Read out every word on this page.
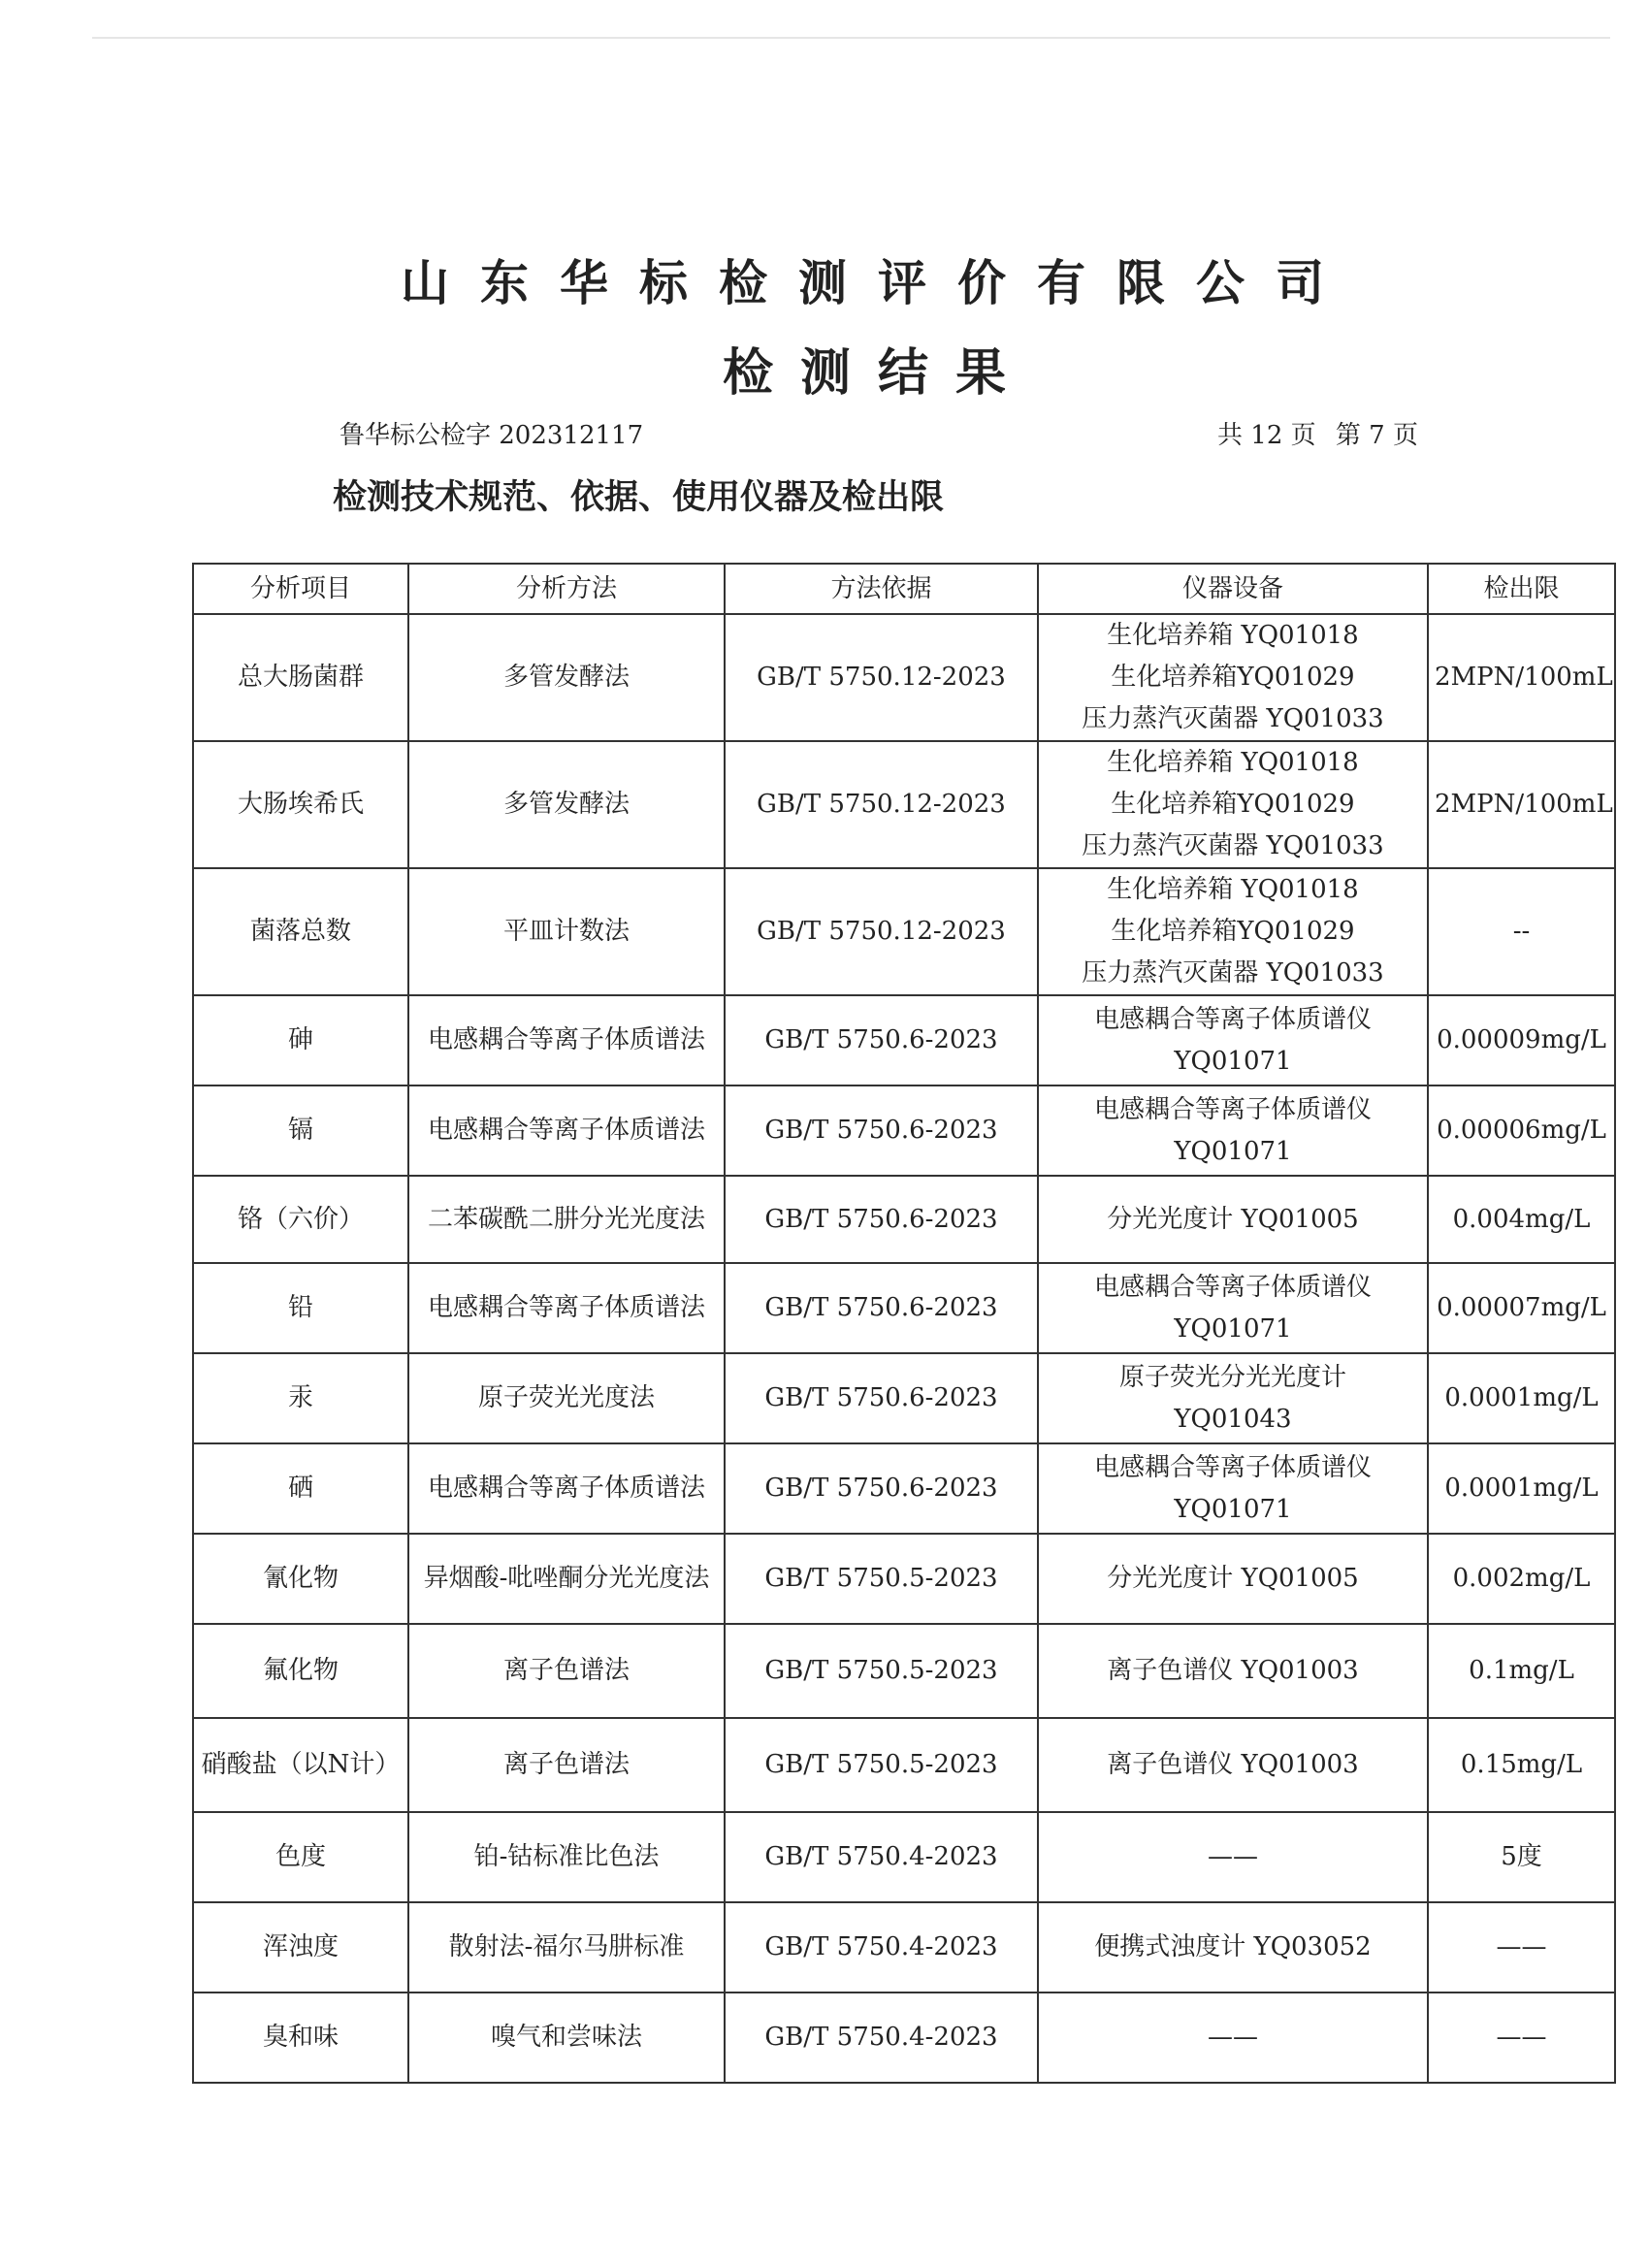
山东华标检测评价有限公司
检测结果
鲁华标公检字 202312117	共 12 页 第 7 页
检测技术规范、依据、使用仪器及检出限
分析项目	分析方法	方法依据	仪器设备	检出限
总大肠菌群	多管发酵法	GB/T 5750.12-2023	生化培养箱 YQ01018
生化培养箱YQ01029
压力蒸汽灭菌器 YQ01033	2MPN/100mL
大肠埃希氏	多管发酵法	GB/T 5750.12-2023	生化培养箱 YQ01018
生化培养箱YQ01029
压力蒸汽灭菌器 YQ01033	2MPN/100mL
菌落总数	平皿计数法	GB/T 5750.12-2023	生化培养箱 YQ01018
生化培养箱YQ01029
压力蒸汽灭菌器 YQ01033	--
砷	电感耦合等离子体质谱法	GB/T 5750.6-2023	电感耦合等离子体质谱仪
YQ01071	0.00009mg/L
镉	电感耦合等离子体质谱法	GB/T 5750.6-2023	电感耦合等离子体质谱仪
YQ01071	0.00006mg/L
铬（六价）	二苯碳酰二肼分光光度法	GB/T 5750.6-2023	分光光度计 YQ01005	0.004mg/L
铅	电感耦合等离子体质谱法	GB/T 5750.6-2023	电感耦合等离子体质谱仪
YQ01071	0.00007mg/L
汞	原子荧光光度法	GB/T 5750.6-2023	原子荧光分光光度计
YQ01043	0.0001mg/L
硒	电感耦合等离子体质谱法	GB/T 5750.6-2023	电感耦合等离子体质谱仪
YQ01071	0.0001mg/L
氰化物	异烟酸-吡唑酮分光光度法	GB/T 5750.5-2023	分光光度计 YQ01005	0.002mg/L
氟化物	离子色谱法	GB/T 5750.5-2023	离子色谱仪 YQ01003	0.1mg/L
硝酸盐（以N计）	离子色谱法	GB/T 5750.5-2023	离子色谱仪 YQ01003	0.15mg/L
色度	铂-钴标准比色法	GB/T 5750.4-2023	——	5度
浑浊度	散射法-福尔马肼标准	GB/T 5750.4-2023	便携式浊度计 YQ03052	——
臭和味	嗅气和尝味法	GB/T 5750.4-2023	——	——
